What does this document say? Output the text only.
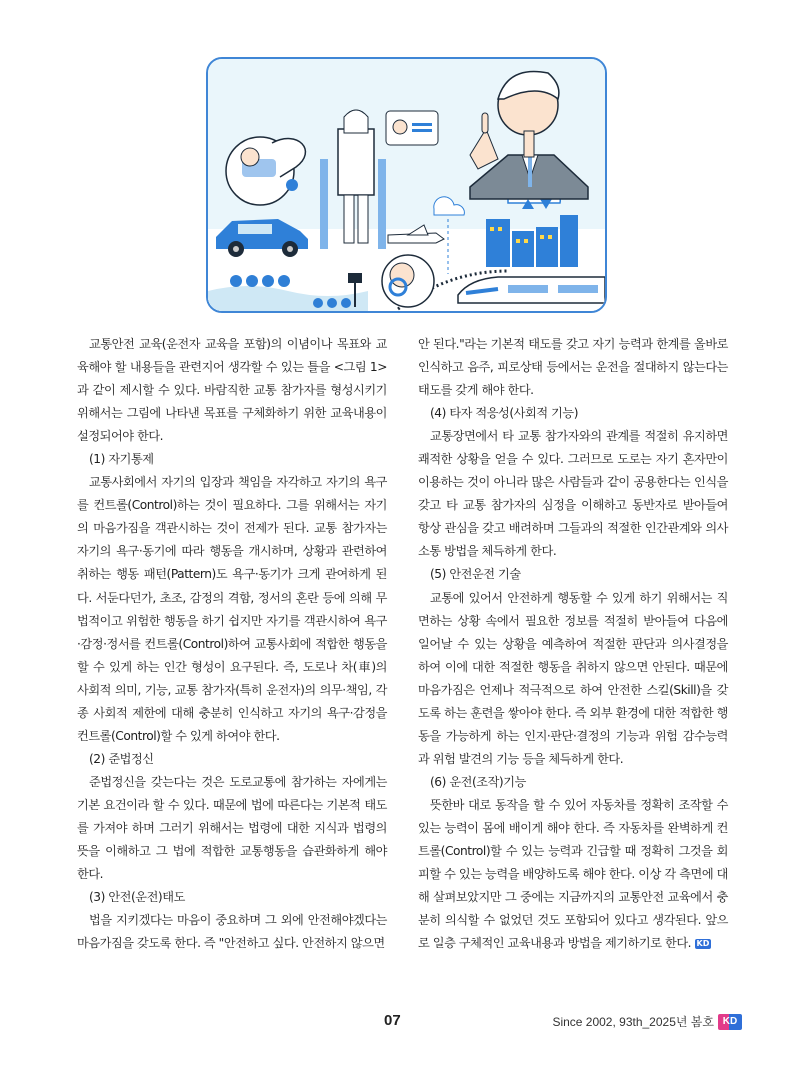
교통안전 교육(운전자 교육을 포함)의 이념이나 목표와 교육해야 할 내용들을 관련지어 생각할 수 있는 틀을 <그림 1>과 같이 제시할 수 있다. 바람직한 교통 참가자를 형성시키기 위해서는 그림에 나타낸 목표를 구체화하기 위한 교육내용이 설정되어야 한다.

(1) 자기통제

교통사회에서 자기의 입장과 책임을 자각하고 자기의 욕구를 컨트롤(Control)하는 것이 필요하다. 그를 위해서는 자기의 마음가짐을 객관시하는 것이 전제가 된다. 교통 참가자는 자기의 욕구·동기에 따라 행동을 개시하며, 상황과 관련하여 취하는 행동 패턴(Pattern)도 욕구·동기가 크게 관여하게 된다. 서둔다던가, 초조, 감정의 격함, 정서의 혼란 등에 의해 무법적이고 위험한 행동을 하기 쉽지만 자기를 객관시하여 욕구·감정·정서를 컨트롤(Control)하여 교통사회에 적합한 행동을 할 수 있게 하는 인간 형성이 요구된다. 즉, 도로나 차(車)의 사회적 의미, 기능, 교통 참가자(특히 운전자)의 의무·책임, 각종 사회적 제한에 대해 충분히 인식하고 자기의 욕구·감정을 컨트롤(Control)할 수 있게 하여야 한다.

(2) 준법정신

준법정신을 갖는다는 것은 도로교통에 참가하는 자에게는 기본 요건이라 할 수 있다. 때문에 법에 따른다는 기본적 태도를 가져야 하며 그러기 위해서는 법령에 대한 지식과 법령의 뜻을 이해하고 그 법에 적합한 교통행동을 습관화하게 해야 한다.

(3) 안전(운전)태도

법을 지키겠다는 마음이 중요하며 그 외에 안전해야겠다는 마음가짐을 갖도록 한다. 즉 "안전하고 싶다. 안전하지 않으면

안 된다."라는 기본적 태도를 갖고 자기 능력과 한계를 올바로 인식하고 음주, 피로상태 등에서는 운전을 절대하지 않는다는 태도를 갖게 해야 한다.

(4) 타자 적응성(사회적 기능)

교통장면에서 타 교통 참가자와의 관계를 적절히 유지하면 쾌적한 상황을 얻을 수 있다. 그러므로 도로는 자기 혼자만이 이용하는 것이 아니라 많은 사람들과 같이 공용한다는 인식을 갖고 타 교통 참가자의 심정을 이해하고 동반자로 받아들여 항상 관심을 갖고 배려하며 그들과의 적절한 인간관계와 의사소통 방법을 체득하게 한다.

(5) 안전운전 기술

교통에 있어서 안전하게 행동할 수 있게 하기 위해서는 직면하는 상황 속에서 필요한 정보를 적절히 받아들여 다음에 일어날 수 있는 상황을 예측하여 적절한 판단과 의사결정을 하여 이에 대한 적절한 행동을 취하지 않으면 안된다. 때문에 마음가짐은 언제나 적극적으로 하여 안전한 스킬(Skill)을 갖도록 하는 훈련을 쌓아야 한다. 즉 외부 환경에 대한 적합한 행동을 가능하게 하는 인지·판단·결정의 기능과 위험 감수능력과 위험 발견의 기능 등을 체득하게 한다.

(6) 운전(조작)기능

뜻한바 대로 동작을 할 수 있어 자동차를 정확히 조작할 수 있는 능력이 몸에 배이게 해야 한다. 즉 자동차를 완벽하게 컨트롤(Control)할 수 있는 능력과 긴급할 때 정확히 그것을 회피할 수 있는 능력을 배양하도록 해야 한다. 이상 각 측면에 대해 살펴보았지만 그 중에는 지금까지의 교통안전 교육에서 충분히 의식할 수 없었던 것도 포함되어 있다고 생각된다. 앞으로 일층 구체적인 교육내용과 방법을 제기하기로 한다. KD

07	Since 2002, 93th_2025년 봄호 KD
